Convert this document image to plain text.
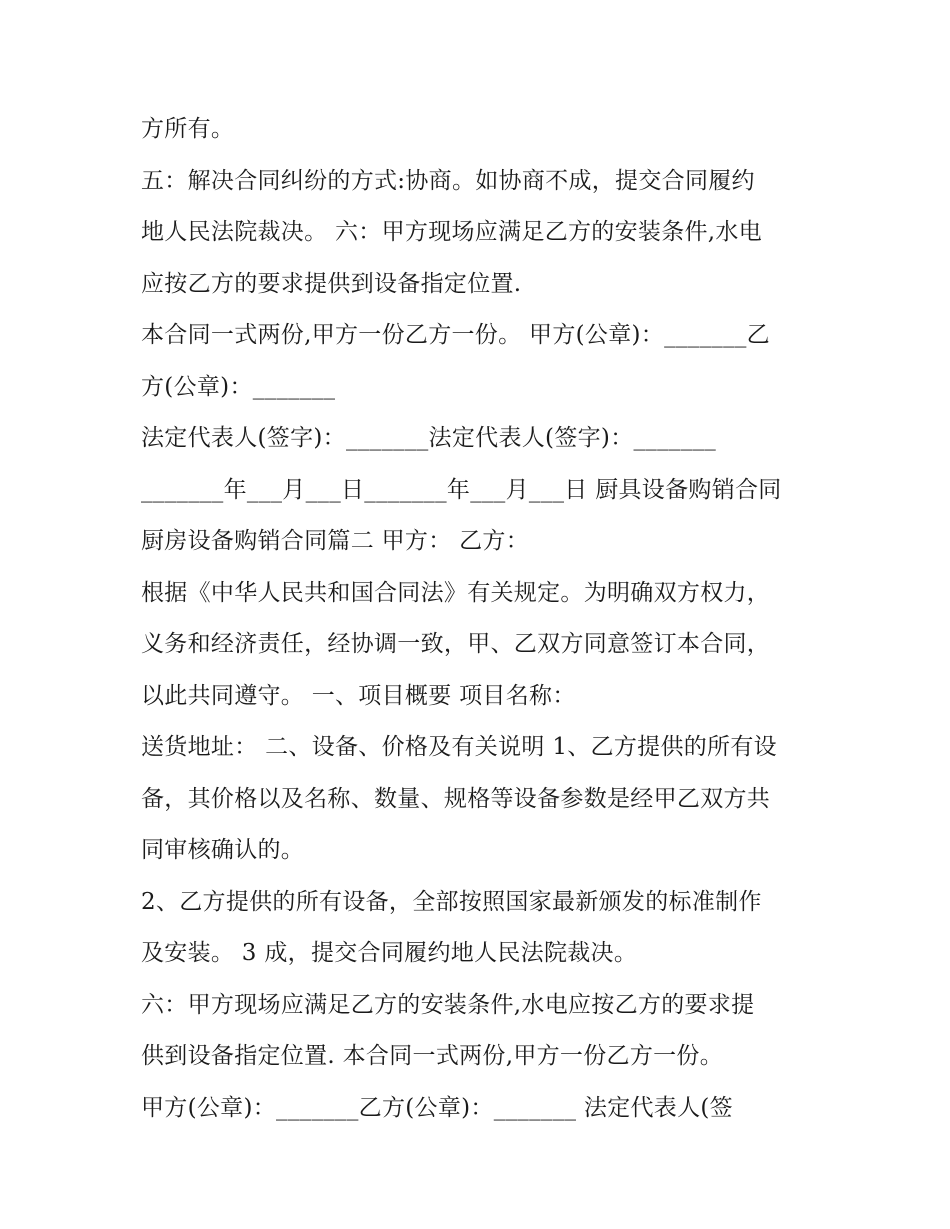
方所有。
五：解决合同纠纷的方式:协商。如协商不成，提交合同履约
地人民法院裁决。 六：甲方现场应满足乙方的安装条件,水电
应按乙方的要求提供到设备指定位置.
本合同一式两份,甲方一份乙方一份。 甲方(公章)：_______乙
方(公章)：_______
法定代表人(签字)：_______法定代表人(签字)：_______
_______年___月___日_______年___月___日 厨具设备购销合同
厨房设备购销合同篇二 甲方： 乙方：
根据《中华人民共和国合同法》有关规定。为明确双方权力，
义务和经济责任，经协调一致，甲、乙双方同意签订本合同，
以此共同遵守。 一、项目概要 项目名称：
送货地址： 二、设备、价格及有关说明 1、乙方提供的所有设
备，其价格以及名称、数量、规格等设备参数是经甲乙双方共
同审核确认的。
2、乙方提供的所有设备，全部按照国家最新颁发的标准制作
及安装。 3 成，提交合同履约地人民法院裁决。
六：甲方现场应满足乙方的安装条件,水电应按乙方的要求提
供到设备指定位置. 本合同一式两份,甲方一份乙方一份。
甲方(公章)：_______乙方(公章)：_______ 法定代表人(签
